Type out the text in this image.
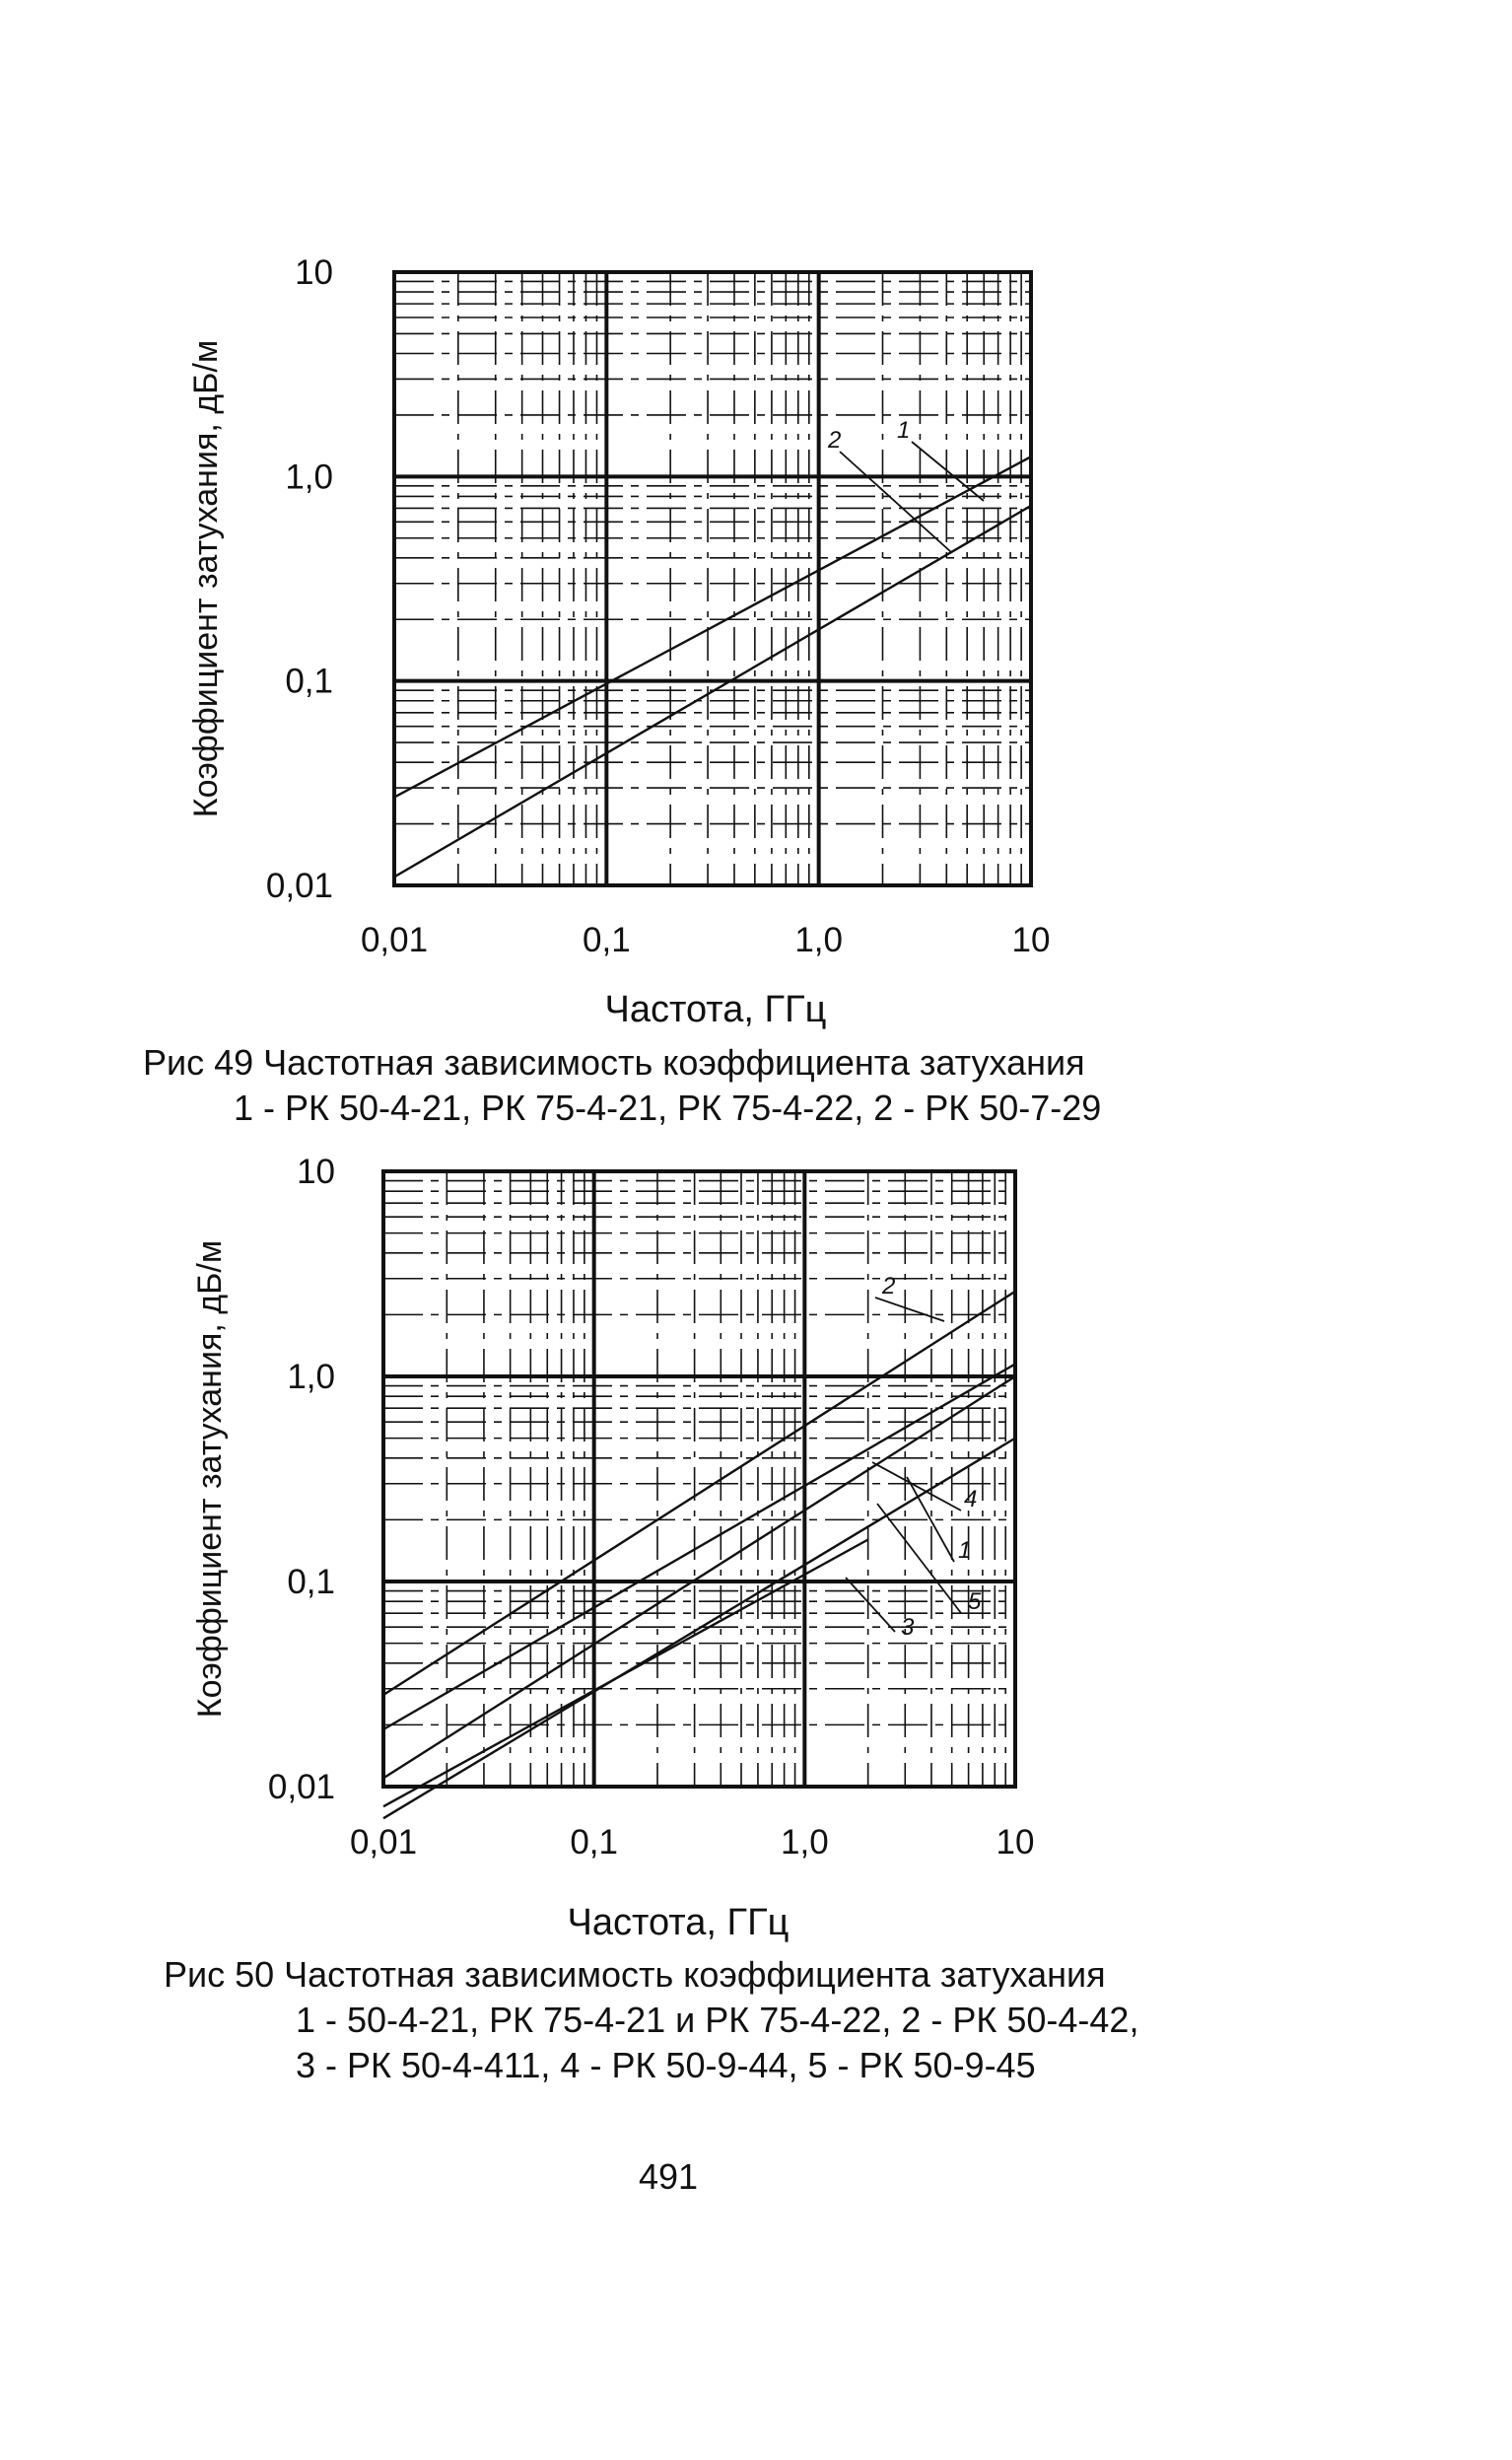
10
1,0
0,1
0,01
0,01	0,1	1,0	10
Коэффициент затухания, дБ/м
Частота, ГГц
Рис 49 Частотная зависимость коэффициента затухания
1 - РК 50-4-21, РК 75-4-21, РК 75-4-22, 2 - РК 50-7-29
1
2
10
1,0
0,1
0,01
0,01	0,1	1,0	10
Коэффициент затухания, дБ/м
Частота, ГГц
Рис 50 Частотная зависимость коэффициента затухания
1 - 50-4-21, РК 75-4-21 и РК 75-4-22, 2 - РК 50-4-42,
3 - РК 50-4-411, 4 - РК 50-9-44, 5 - РК 50-9-45
1
2
3
4
5
491
